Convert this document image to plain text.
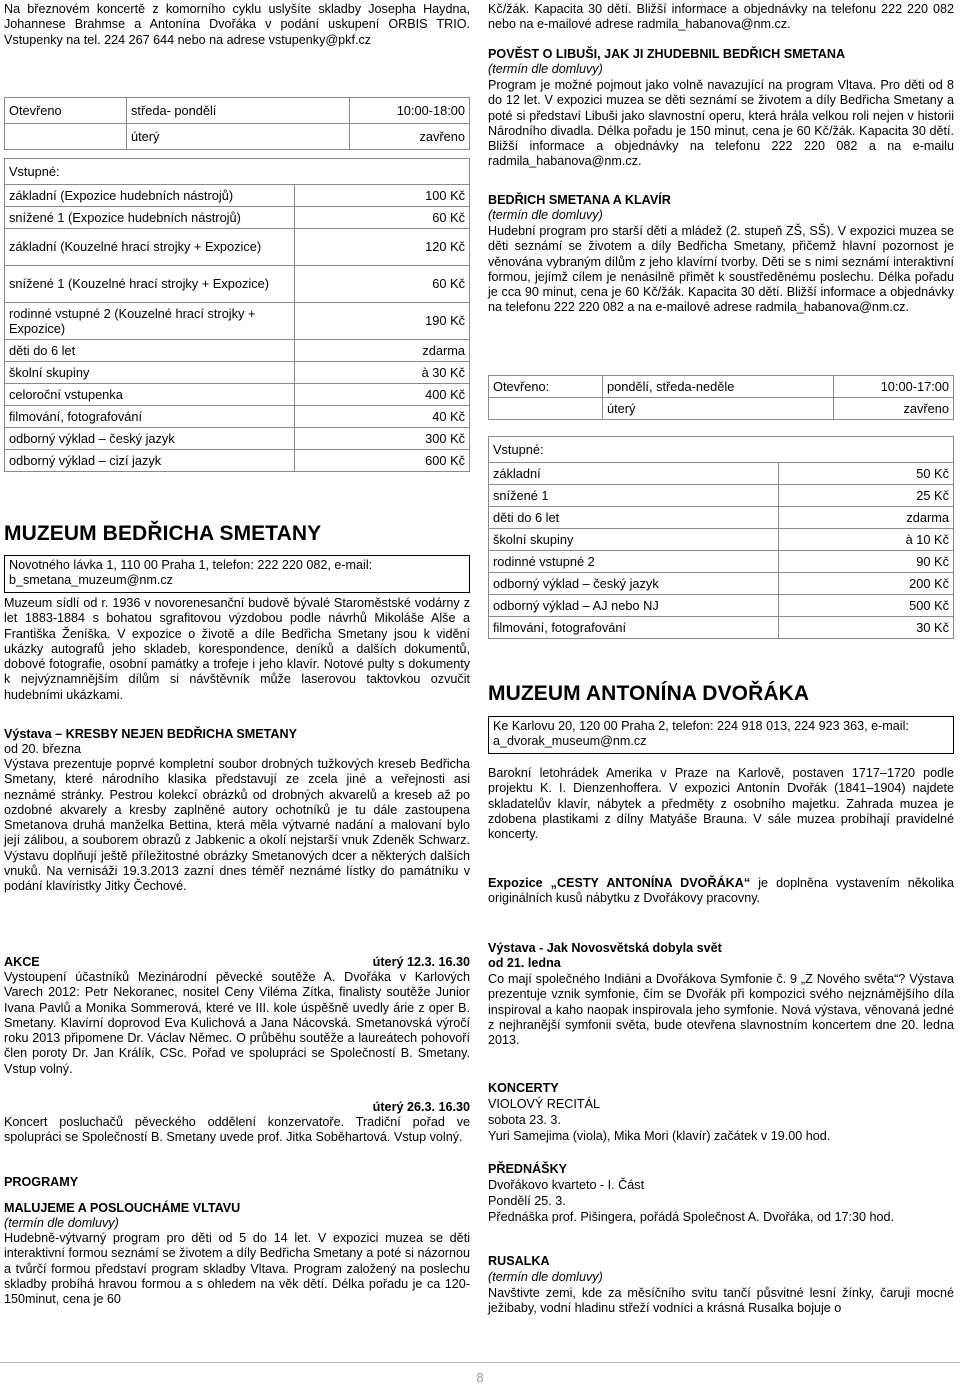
Na březnovém koncertě z komorního cyklu uslyšíte skladby Josepha Haydna, Johannese Brahmse a Antonína Dvořáka v podání uskupení ORBIS TRIO. Vstupenky na tel. 224 267 644 nebo na adrese vstupenky@pkf.cz

Otevřeno	středa- pondělí	10:00-18:00
	úterý	zavřeno
Vstupné:	
základní (Expozice hudebních nástrojů)	100 Kč
snížené 1 (Expozice hudebních nástrojů)	60 Kč
základní (Kouzelné hrací strojky + Expozice)	120 Kč
snížené 1 (Kouzelné hrací strojky + Expozice)	60 Kč
rodinné vstupné 2 (Kouzelné hrací strojky + Expozice)	190 Kč
děti do 6 let	zdarma
školní skupiny	à 30 Kč
celoroční vstupenka	400 Kč
filmování, fotografování	40 Kč
odborný výklad – český jazyk	300 Kč
odborný výklad – cizí jazyk	600 Kč
MUZEUM BEDŘICHA SMETANY
Novotného lávka 1, 110 00 Praha 1, telefon: 222 220 082, e-mail: b_smetana_muzeum@nm.cz

Muzeum sídlí od r. 1936 v novorenesanční budově bývalé Staroměstské vodárny z let 1883-1884 s bohatou sgrafitovou výzdobou podle návrhů Mikoláše Alše a Františka Ženíška. V expozice o životě a díle Bedřicha Smetany jsou k vidění ukázky autografů jeho skladeb, korespondence, deníků a dalších dokumentů, dobové fotografie, osobní památky a trofeje i jeho klavír. Notové pulty s dokumenty k nejvýznamnějším dílům si návštěvník může laserovou taktovkou ozvučit hudebními ukázkami.

Výstava – KRESBY NEJEN BEDŘICHA SMETANY

od 20. března

Výstava prezentuje poprvé kompletní soubor drobných tužkových kreseb Bedřicha Smetany, které národního klasika představují ze zcela jiné a veřejnosti asi neznámé stránky. Pestrou kolekcí obrázků od drobných akvarelů a kreseb až po ozdobné akvarely a kresby zaplněné autory ochotníků je tu dále zastoupena Smetanova druhá manželka Bettina, která měla výtvarné nadání a malovaní bylo její zálibou, a souborem obrazů z Jabkenic a okolí nejstarší vnuk Zdeněk Schwarz. Výstavu doplňují ještě příležitostné obrázky Smetanových dcer a některých dalších vnuků. Na vernisáži 19.3.2013 zazní dnes téměř neznámé lístky do památníku v podání klavíristky Jitky Čechové.

AKCE	úterý 12.3. 16.30

Vystoupení účastníků Mezinárodní pěvecké soutěže A. Dvořáka v Karlových Varech 2012: Petr Nekoranec, nositel Ceny Viléma Zítka, finalisty soutěže Junior Ivana Pavlů a Monika Sommerová, které ve III. kole úspěšně uvedly árie z oper B. Smetany. Klavírní doprovod Eva Kulichová a Jana Nácovská. Smetanovská výročí roku 2013 připomene Dr. Václav Němec. O průběhu soutěže a laureátech pohovoří člen poroty Dr. Jan Králík, CSc. Pořad ve spolupráci se Společností B. Smetany. Vstup volný.

úterý 26.3. 16.30

Koncert posluchačů pěveckého oddělení konzervatoře. Tradiční pořad ve spolupráci se Společností B. Smetany uvede prof. Jitka Soběhartová. Vstup volný.

PROGRAMY

MALUJEME A POSLOUCHÁME VLTAVU

(termín dle domluvy)

Hudebně-výtvarný program pro děti od 5 do 14 let. V expozici muzea se děti interaktivní formou seznámí se životem a díly Bedřicha Smetany a poté si názornou a tvůrčí formou představí program skladby Vltava. Program založený na poslechu skladby probíhá hravou formou a s ohledem na věk dětí. Délka pořadu je ca 120-150minut, cena je 60

Kč/žák. Kapacita 30 dětí. Bližší informace a objednávky na telefonu 222 220 082 nebo na e-mailové adrese radmila_habanova@nm.cz.

POVĚST O LIBUŠI, JAK JI ZHUDEBNIL BEDŘICH SMETANA

(termín dle domluvy)

Program je možné pojmout jako volně navazující na program Vltava. Pro děti od 8 do 12 let. V expozici muzea se děti seznámí se životem a díly Bedřicha Smetany a poté si představí Libuši jako slavnostní operu, která hrála velkou roli nejen v historii Národního divadla. Délka pořadu je 150 minut, cena je 60 Kč/žák. Kapacita 30 dětí. Bližší informace a objednávky na telefonu 222 220 082 a na e-mailu radmila_habanova@nm.cz.

BEDŘICH SMETANA A KLAVÍR

(termín dle domluvy)

Hudební program pro starší děti a mládež (2. stupeň ZŠ, SŠ). V expozici muzea se děti seznámí se životem a díly Bedřicha Smetany, přičemž hlavní pozornost je věnována vybraným dílům z jeho klavírní tvorby. Děti se s nimi seznámí interaktivní formou, jejímž cílem je nenásilně přimět k soustředěnému poslechu. Délka pořadu je cca 90 minut, cena je 60 Kč/žák. Kapacita 30 dětí. Bližší informace a objednávky na telefonu 222 220 082 a na e-mailové adrese radmila_habanova@nm.cz.

Otevřeno:	pondělí, středa-neděle	10:00-17:00
	úterý	zavřeno
Vstupné:	
základní	50 Kč
snížené 1	25 Kč
děti do 6 let	zdarma
školní skupiny	à 10 Kč
rodinné vstupné 2	90 Kč
odborný výklad – český jazyk	200 Kč
odborný výklad – AJ nebo NJ	500 Kč
filmování, fotografování	30 Kč
MUZEUM ANTONÍNA DVOŘÁKA
Ke Karlovu 20, 120 00 Praha 2, telefon: 224 918 013, 224 923 363, e-mail: a_dvorak_museum@nm.cz

Barokní letohrádek Amerika v Praze na Karlově, postaven 1717–1720 podle projektu K. I. Dienzenhoffera. V expozici Antonín Dvořák (1841–1904) najdete skladatelův klavír, nábytek a předměty z osobního majetku. Zahrada muzea je zdobena plastikami z dílny Matyáše Brauna. V sále muzea probíhají pravidelné koncerty.

Expozice „CESTY ANTONÍNA DVOŘÁKA“ je doplněna vystavením několika originálních kusů nábytku z Dvořákovy pracovny.

Výstava - Jak Novosvětská dobyla svět

od 21. ledna

Co mají společného Indiáni a Dvořákova Symfonie č. 9 „Z Nového světa“? Výstava prezentuje vznik symfonie, čím se Dvořák při kompozici svého nejznámějšího díla inspiroval a kaho naopak inspirovala jeho symfonie. Nová výstava, věnovaná jedné z nejhranější symfonii světa, bude otevřena slavnostním koncertem dne 20. ledna 2013.

KONCERTY

VIOLOVÝ RECITÁL

sobota 23. 3.

Yuri Samejima (viola), Mika Mori (klavír) začátek v 19.00 hod.

PŘEDNÁŠKY

Dvořákovo kvarteto - I. Část

Pondělí 25. 3.

Přednáška prof. Pišingera, pořádá Společnost A. Dvořáka, od 17:30 hod.

RUSALKA

(termín dle domluvy)

Navštivte zemi, kde za měsíčního svitu tančí půsvitné lesní žínky, čaruji mocné ježibaby, vodní hladinu střeží vodníci a krásná Rusalka bojuje o

8
